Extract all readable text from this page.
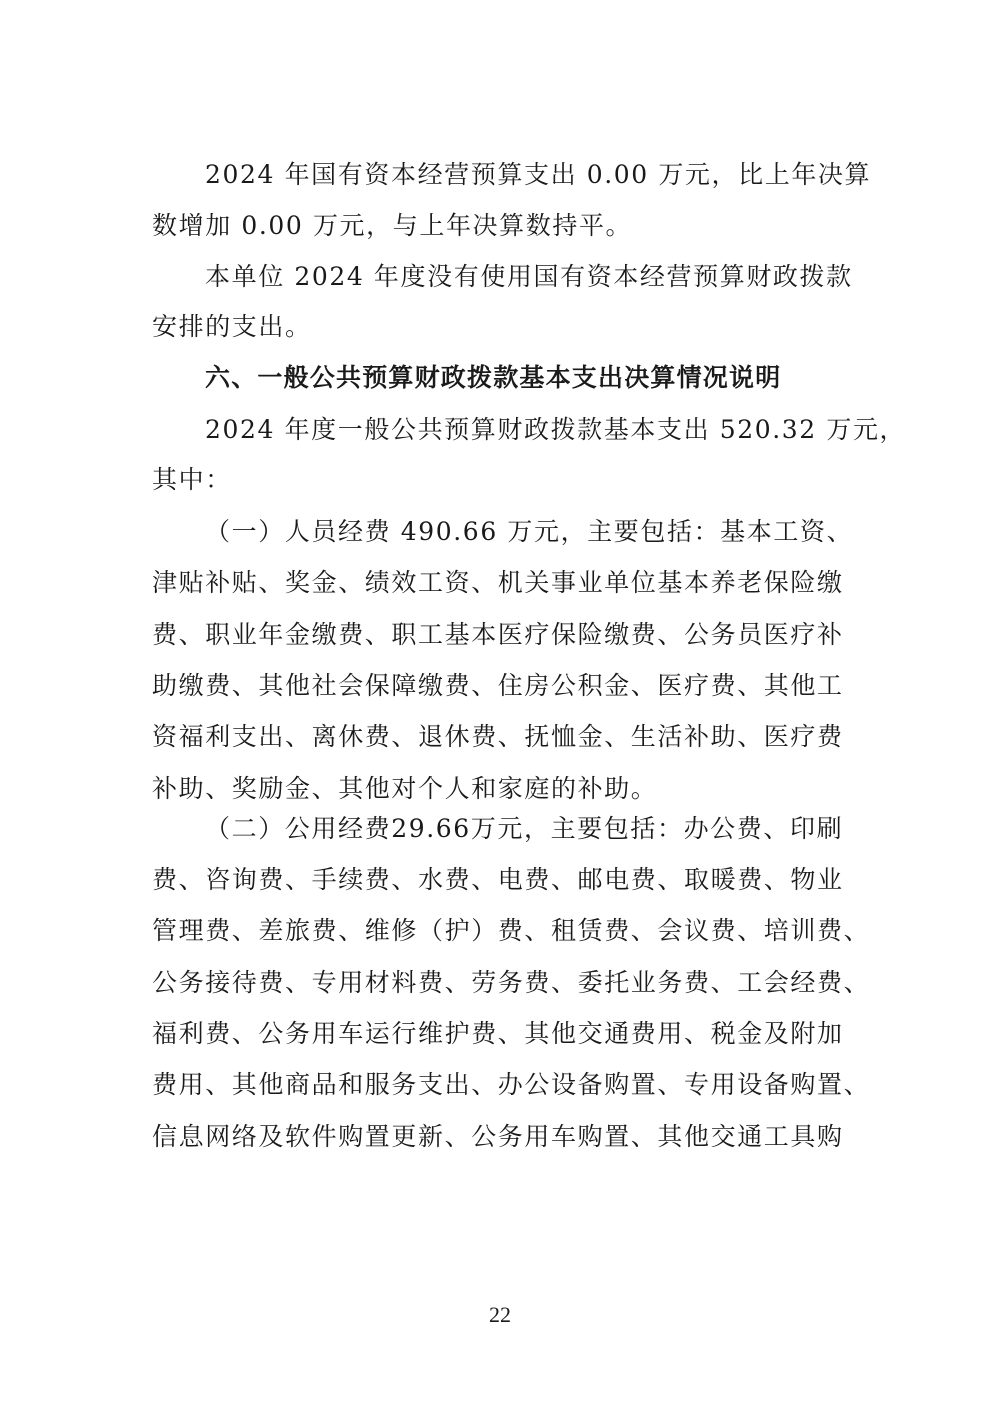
2024 年国有资本经营预算支出 0.00 万元，比上年决算
数增加 0.00 万元，与上年决算数持平。
本单位 2024 年度没有使用国有资本经营预算财政拨款
安排的支出。
六、一般公共预算财政拨款基本支出决算情况说明
2024 年度一般公共预算财政拨款基本支出 520.32 万元，
其中：
（一）人员经费 490.66 万元，主要包括：基本工资、
津贴补贴、奖金、绩效工资、机关事业单位基本养老保险缴
费、职业年金缴费、职工基本医疗保险缴费、公务员医疗补
助缴费、其他社会保障缴费、住房公积金、医疗费、其他工
资福利支出、离休费、退休费、抚恤金、生活补助、医疗费
补助、奖励金、其他对个人和家庭的补助。
（二）公用经费29.66万元，主要包括：办公费、印刷
费、咨询费、手续费、水费、电费、邮电费、取暖费、物业
管理费、差旅费、维修（护）费、租赁费、会议费、培训费、
公务接待费、专用材料费、劳务费、委托业务费、工会经费、
福利费、公务用车运行维护费、其他交通费用、税金及附加
费用、其他商品和服务支出、办公设备购置、专用设备购置、
信息网络及软件购置更新、公务用车购置、其他交通工具购
22
